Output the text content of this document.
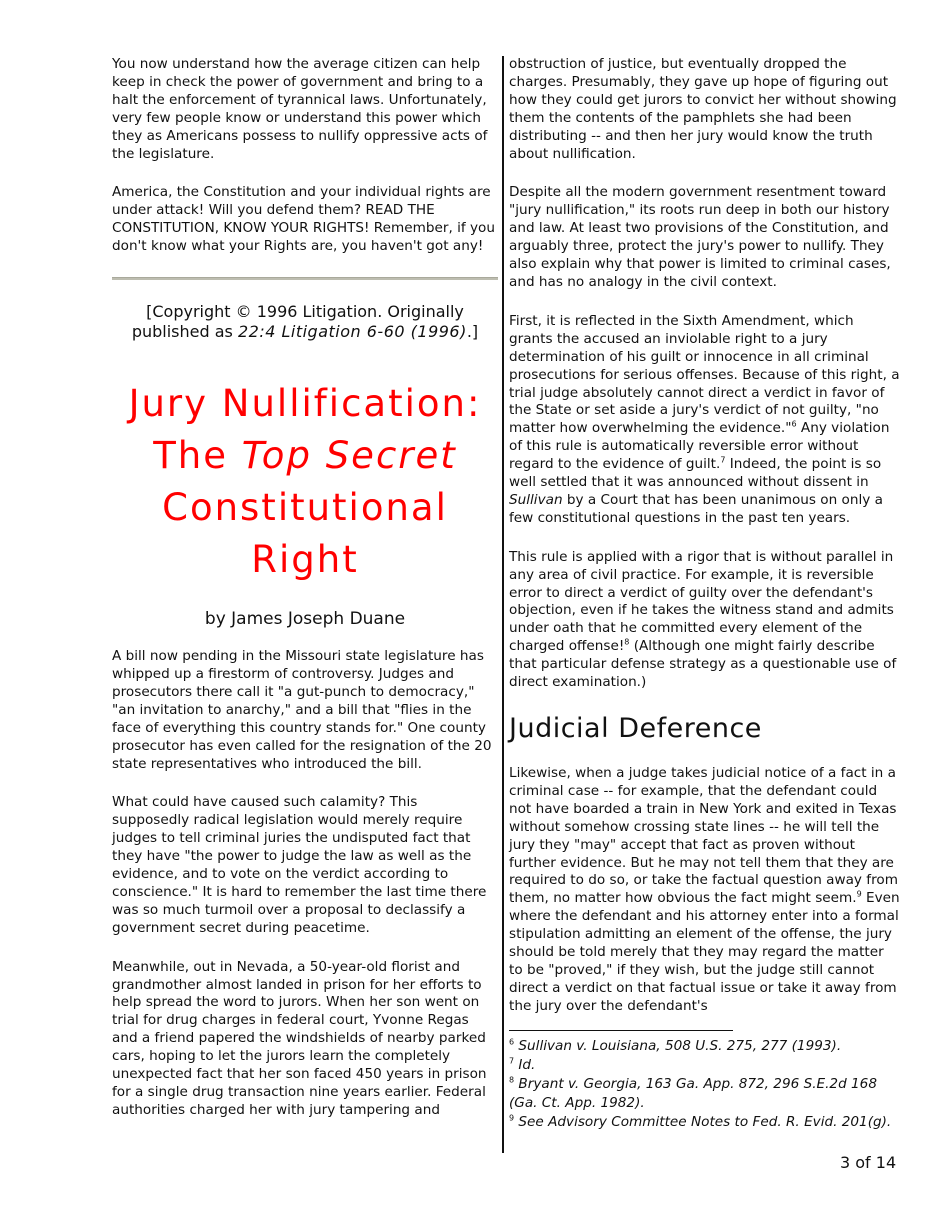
You now understand how the average citizen can help keep in check the power of government and bring to a halt the enforcement of tyrannical laws. Unfortunately, very few people know or understand this power which they as Americans possess to nullify oppressive acts of the legislature.

America, the Constitution and your individual rights are under attack! Will you defend them? READ THE CONSTITUTION, KNOW YOUR RIGHTS! Remember, if you don't know what your Rights are, you haven't got any!

[Copyright © 1996 Litigation. Originally published as 22:4 Litigation 6-60 (1996).]
Jury Nullification:
The Top Secret
Constitutional
Right
by James Joseph Duane

A bill now pending in the Missouri state legislature has whipped up a firestorm of controversy. Judges and prosecutors there call it "a gut-punch to democracy," "an invitation to anarchy," and a bill that "flies in the face of everything this country stands for." One county prosecutor has even called for the resignation of the 20 state representatives who introduced the bill.

What could have caused such calamity? This supposedly radical legislation would merely require judges to tell criminal juries the undisputed fact that they have "the power to judge the law as well as the evidence, and to vote on the verdict according to conscience." It is hard to remember the last time there was so much turmoil over a proposal to declassify a government secret during peacetime.

Meanwhile, out in Nevada, a 50-year-old florist and grandmother almost landed in prison for her efforts to help spread the word to jurors. When her son went on trial for drug charges in federal court, Yvonne Regas and a friend papered the windshields of nearby parked cars, hoping to let the jurors learn the completely unexpected fact that her son faced 450 years in prison for a single drug transaction nine years earlier. Federal authorities charged her with jury tampering and

obstruction of justice, but eventually dropped the charges. Presumably, they gave up hope of figuring out how they could get jurors to convict her without showing them the contents of the pamphlets she had been distributing -- and then her jury would know the truth about nullification.

Despite all the modern government resentment toward "jury nullification," its roots run deep in both our history and law. At least two provisions of the Constitution, and arguably three, protect the jury's power to nullify. They also explain why that power is limited to criminal cases, and has no analogy in the civil context.

First, it is reflected in the Sixth Amendment, which grants the accused an inviolable right to a jury determination of his guilt or innocence in all criminal prosecutions for serious offenses. Because of this right, a trial judge absolutely cannot direct a verdict in favor of the State or set aside a jury's verdict of not guilty, "no matter how overwhelming the evidence."$^6$ Any violation of this rule is automatically reversible error without regard to the evidence of guilt.$^7$ Indeed, the point is so well settled that it was announced without dissent in Sullivan by a Court that has been unanimous on only a few constitutional questions in the past ten years.

This rule is applied with a rigor that is without parallel in any area of civil practice. For example, it is reversible error to direct a verdict of guilty over the defendant's objection, even if he takes the witness stand and admits under oath that he committed every element of the charged offense!$^8$ (Although one might fairly describe that particular defense strategy as a questionable use of direct examination.)

Judicial Deference

Likewise, when a judge takes judicial notice of a fact in a criminal case -- for example, that the defendant could not have boarded a train in New York and exited in Texas without somehow crossing state lines -- he will tell the jury they "may" accept that fact as proven without further evidence. But he may not tell them that they are required to do so, or take the factual question away from them, no matter how obvious the fact might seem.$^9$ Even where the defendant and his attorney enter into a formal stipulation admitting an element of the offense, the jury should be told merely that they may regard the matter to be "proved," if they wish, but the judge still cannot direct a verdict on that factual issue or take it away from the jury over the defendant's

$^6$ Sullivan v. Louisiana, 508 U.S. 275, 277 (1993).
$^7$ Id.
$^8$ Bryant v. Georgia, 163 Ga. App. 872, 296 S.E.2d 168 (Ga. Ct. App. 1982).
$^9$ See Advisory Committee Notes to Fed. R. Evid. 201(g).
3 of 14
